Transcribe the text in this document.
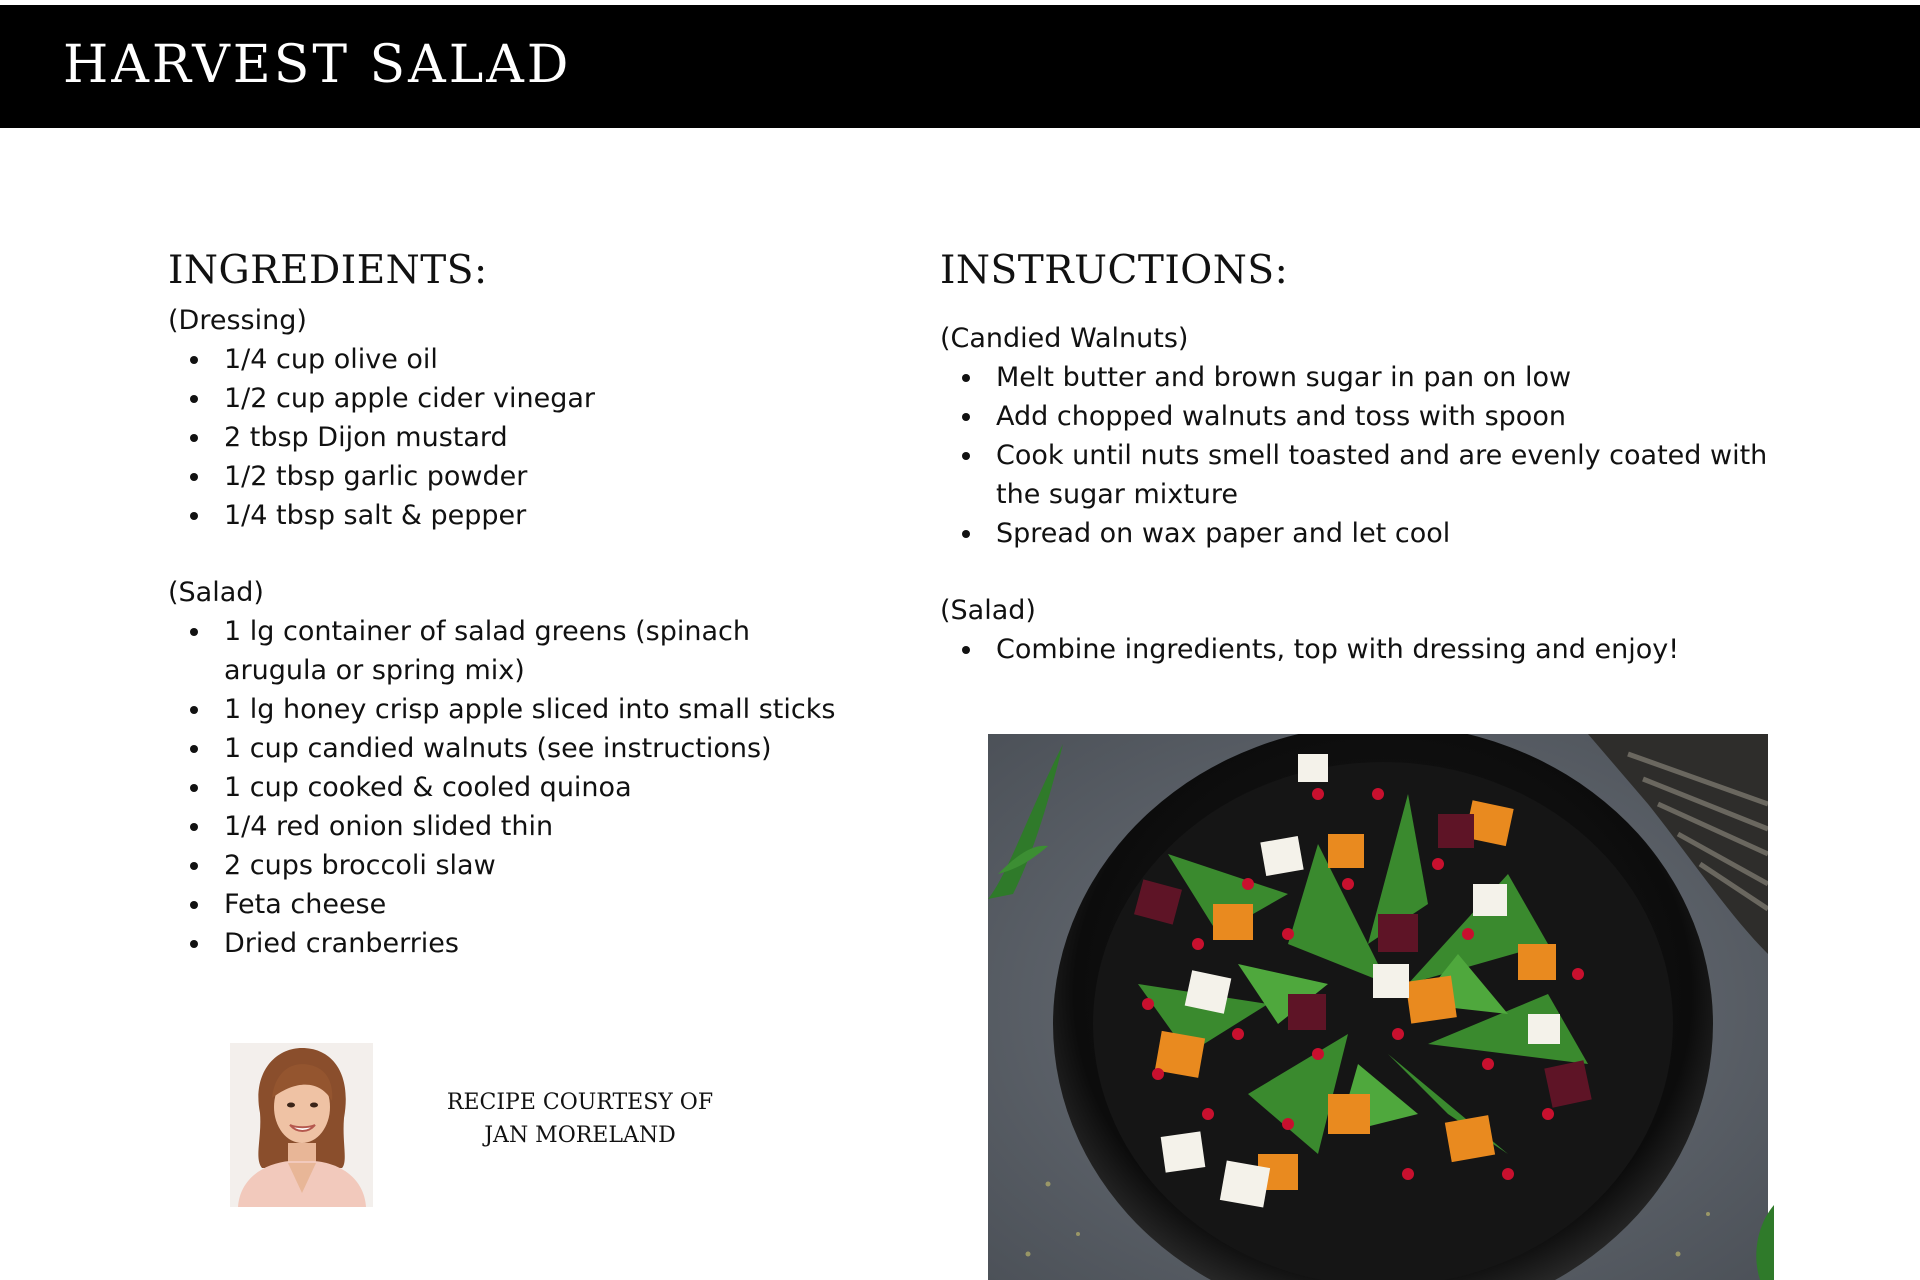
HARVEST SALAD
INGREDIENTS:

(Dressing)

1/4 cup olive oil
1/2 cup apple cider vinegar
2 tbsp Dijon mustard
1/2 tbsp garlic powder
1/4 tbsp salt & pepper

(Salad)

1 lg container of salad greens (spinach arugula or spring mix)
1 lg honey crisp apple sliced into small sticks
1 cup candied walnuts (see instructions)
1 cup cooked & cooled quinoa
1/4 red onion slided thin
2 cups broccoli slaw
Feta cheese
Dried cranberries
INSTRUCTIONS:

(Candied Walnuts)

Melt butter and brown sugar in pan on low
Add chopped walnuts and toss with spoon
Cook until nuts smell toasted and are evenly coated with the sugar mixture
Spread on wax paper and let cool

(Salad)

Combine ingredients, top with dressing and enjoy!
RECIPE COURTESY OF
JAN MORELAND
